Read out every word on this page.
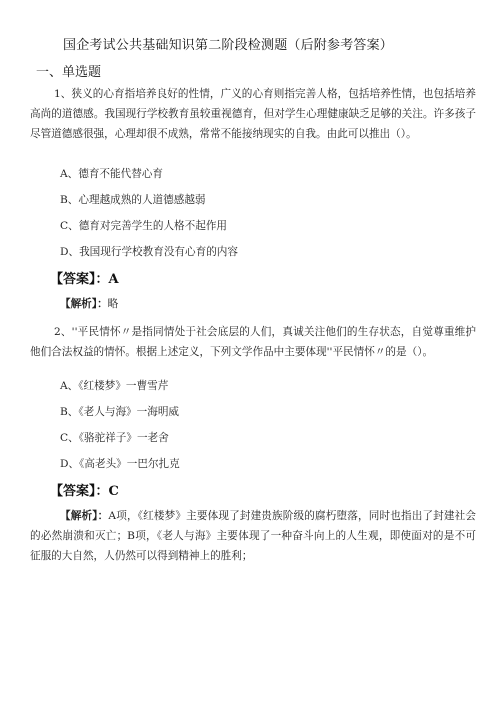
国企考试公共基础知识第二阶段检测题（后附参考答案）
一、单选题
1、狭义的心育指培养良好的性情，广义的心育则指完善人格，包括培养性情，也包括培养高尚的道德感。我国现行学校教育虽较重视德育，但对学生心理健康缺乏足够的关注。许多孩子尽管道德感很强，心理却很不成熟，常常不能接纳现实的自我。由此可以推出（）。
A、德育不能代替心育
B、心理越成熟的人道德感越弱
C、德育对完善学生的人格不起作用
D、我国现行学校教育没有心育的内容
【答案】：A
【解析】：略
2、''平民情怀〃是指同情处于社会底层的人们，真诚关注他们的生存状态，自觉尊重维护他们合法权益的情怀。根据上述定义，下列文学作品中主要体现''平民情怀〃的是（）。
A、《红楼梦》一曹雪芹
B、《老人与海》一海明威
C、《骆驼祥子》一老舍
D、《高老头》一巴尔扎克
【答案】：C
【解析】：A项，《红楼梦》主要体现了封建贵族阶级的腐朽堕落，同时也指出了封建社会的必然崩溃和灭亡；B项，《老人与海》主要体现了一种奋斗向上的人生观，即使面对的是不可征服的大自然，人仍然可以得到精神上的胜利；
